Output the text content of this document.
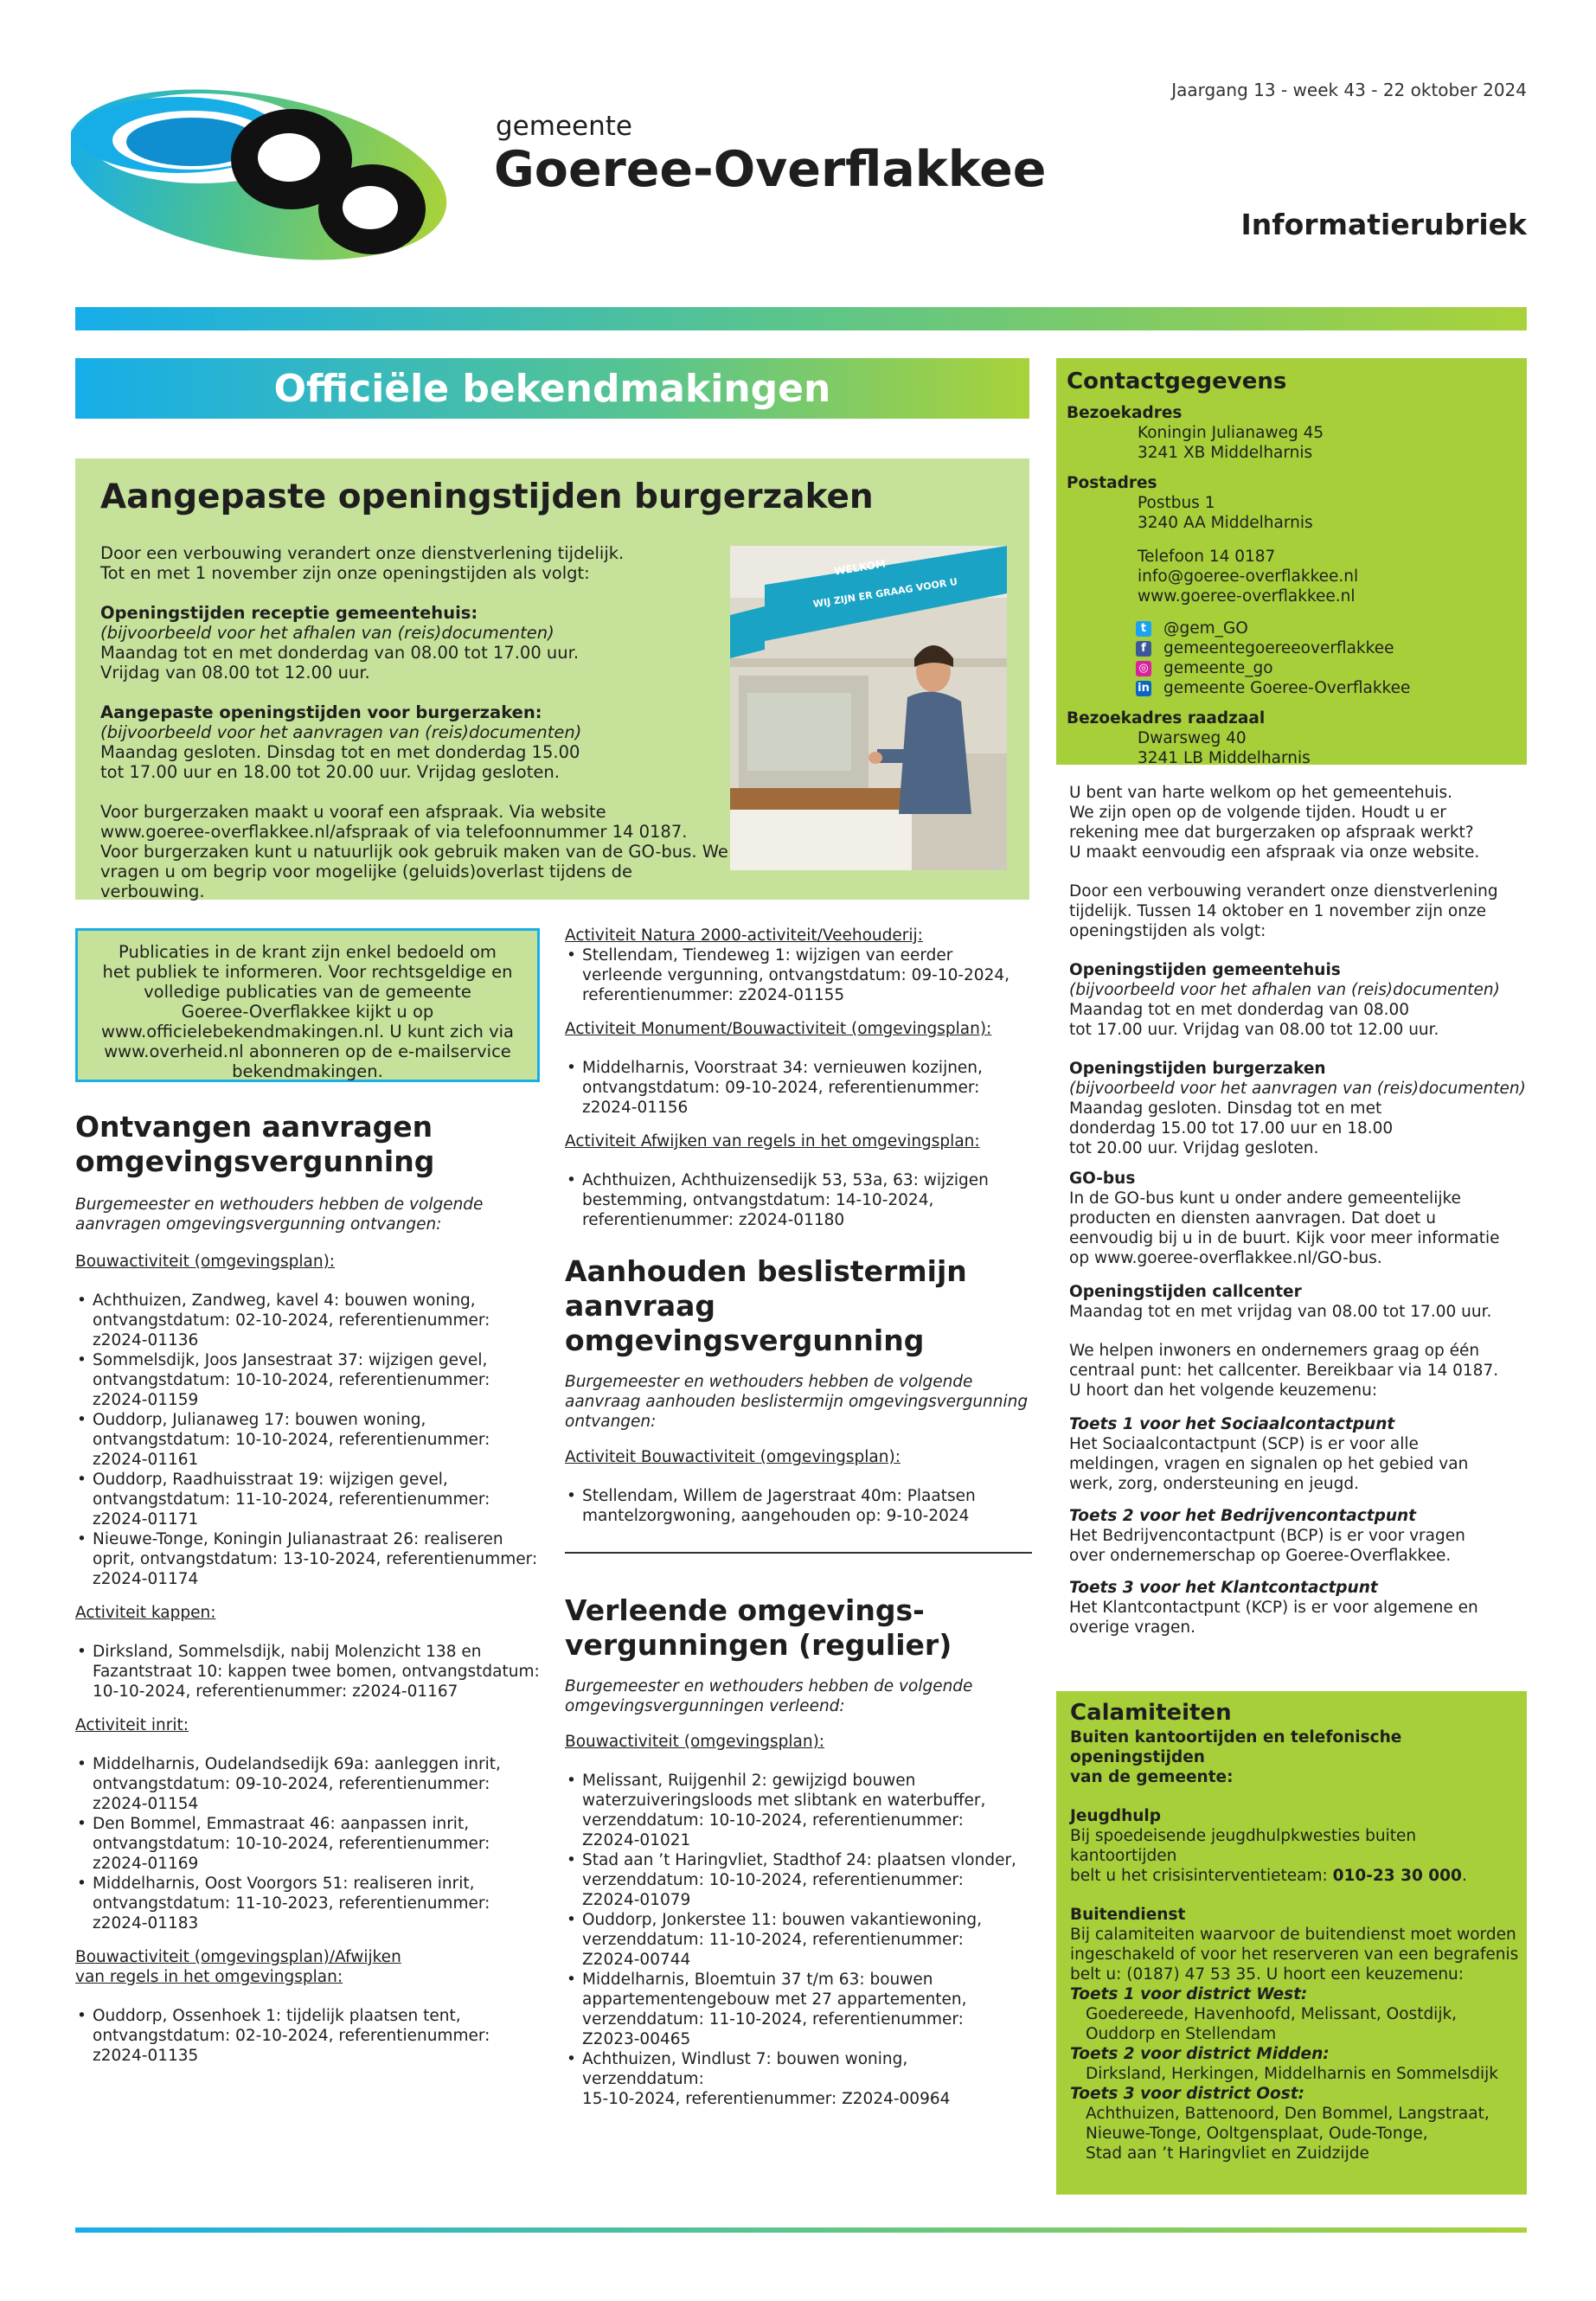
gemeente
Goeree-Overflakkee
Jaargang 13 - week 43 - 22 oktober 2024
Informatierubriek
Officiële bekendmakingen
Aangepaste openingstijden burgerzaken
Door een verbouwing verandert onze dienstverlening tijdelijk.
Tot en met 1 november zijn onze openingstijden als volgt:
Openingstijden receptie gemeentehuis:
(bijvoorbeeld voor het afhalen van (reis)documenten)
Maandag tot en met donderdag van 08.00 tot 17.00 uur.
Vrijdag van 08.00 tot 12.00 uur.
Aangepaste openingstijden voor burgerzaken:
(bijvoorbeeld voor het aanvragen van (reis)documenten)
Maandag gesloten. Dinsdag tot en met donderdag 15.00
tot 17.00 uur en 18.00 tot 20.00 uur. Vrijdag gesloten.
Voor burgerzaken maakt u vooraf een afspraak. Via website
www.goeree-overflakkee.nl/afspraak of via telefoonnummer 14 0187.
Voor burgerzaken kunt u natuurlijk ook gebruik maken van de GO-bus. We
vragen u om begrip voor mogelijke (geluids)overlast tijdens de verbouwing.
WELKOM
WIJ ZIJN ER GRAAG VOOR U
Publicaties in de krant zijn enkel bedoeld om
het publiek te informeren. Voor rechtsgeldige en
volledige publicaties van de gemeente
Goeree-Overflakkee kijkt u op
www.officielebekendmakingen.nl. U kunt zich via
www.overheid.nl abonneren op de e-mailservice
bekendmakingen.
Ontvangen aanvragen
omgevingsvergunning
Burgemeester en wethouders hebben de volgende
aanvragen omgevingsvergunning ontvangen:
Bouwactiviteit (omgevingsplan):
• Achthuizen, Zandweg, kavel 4: bouwen woning,
ontvangstdatum: 02-10-2024, referentienummer:
z2024-01136
• Sommelsdijk, Joos Jansestraat 37: wijzigen gevel,
ontvangstdatum: 10-10-2024, referentienummer:
z2024-01159
• Ouddorp, Julianaweg 17: bouwen woning,
ontvangstdatum: 10-10-2024, referentienummer:
z2024-01161
• Ouddorp, Raadhuisstraat 19: wijzigen gevel,
ontvangstdatum: 11-10-2024, referentienummer:
z2024-01171
• Nieuwe-Tonge, Koningin Julianastraat 26: realiseren
oprit, ontvangstdatum: 13-10-2024, referentienummer:
z2024-01174
Activiteit kappen:
• Dirksland, Sommelsdijk, nabij Molenzicht 138 en
Fazantstraat 10: kappen twee bomen, ontvangstdatum:
10-10-2024, referentienummer: z2024-01167
Activiteit inrit:
• Middelharnis, Oudelandsedijk 69a: aanleggen inrit,
ontvangstdatum: 09-10-2024, referentienummer:
z2024-01154
• Den Bommel, Emmastraat 46: aanpassen inrit,
ontvangstdatum: 10-10-2024, referentienummer:
z2024-01169
• Middelharnis, Oost Voorgors 51: realiseren inrit,
ontvangstdatum: 11-10-2023, referentienummer:
z2024-01183
Bouwactiviteit (omgevingsplan)/Afwijken
van regels in het omgevingsplan:
• Ouddorp, Ossenhoek 1: tijdelijk plaatsen tent,
ontvangstdatum: 02-10-2024, referentienummer:
z2024-01135
Activiteit Natura 2000-activiteit/Veehouderij:
• Stellendam, Tiendeweg 1: wijzigen van eerder
verleende vergunning, ontvangstdatum: 09-10-2024,
referentienummer: z2024-01155
Activiteit Monument/Bouwactiviteit (omgevingsplan):
• Middelharnis, Voorstraat 34: vernieuwen kozijnen,
ontvangstdatum: 09-10-2024, referentienummer:
z2024-01156
Activiteit Afwijken van regels in het omgevingsplan:
• Achthuizen, Achthuizensedijk 53, 53a, 63: wijzigen
bestemming, ontvangstdatum: 14-10-2024,
referentienummer: z2024-01180
Aanhouden beslistermijn aanvraag
omgevingsvergunning
Burgemeester en wethouders hebben de volgende
aanvraag aanhouden beslistermijn omgevingsvergunning
ontvangen:
Activiteit Bouwactiviteit (omgevingsplan):
• Stellendam, Willem de Jagerstraat 40m: Plaatsen
mantelzorgwoning, aangehouden op: 9-10-2024
Verleende omgevings-
vergunningen (regulier)
Burgemeester en wethouders hebben de volgende
omgevingsvergunningen verleend:
Bouwactiviteit (omgevingsplan):
• Melissant, Ruijgenhil 2: gewijzigd bouwen
waterzuiveringsloods met slibtank en waterbuffer,
verzenddatum: 10-10-2024, referentienummer:
Z2024-01021
• Stad aan ’t Haringvliet, Stadthof 24: plaatsen vlonder,
verzenddatum: 10-10-2024, referentienummer:
Z2024-01079
• Ouddorp, Jonkerstee 11: bouwen vakantiewoning,
verzenddatum: 11-10-2024, referentienummer:
Z2024-00744
• Middelharnis, Bloemtuin 37 t/m 63: bouwen
appartementengebouw met 27 appartementen,
verzenddatum: 11-10-2024, referentienummer:
Z2023-00465
• Achthuizen, Windlust 7: bouwen woning, verzenddatum:
15-10-2024, referentienummer: Z2024-00964
Contactgegevens
Bezoekadres
Koningin Julianaweg 45
3241 XB Middelharnis
Postadres
Postbus 1
3240 AA Middelharnis
Telefoon 14 0187
info@goeree-overflakkee.nl
www.goeree-overflakkee.nl
t @gem_GO
f gemeentegoereeoverflakkee
◎ gemeente_go
in gemeente Goeree-Overflakkee
Bezoekadres raadzaal
Dwarsweg 40
3241 LB Middelharnis
U bent van harte welkom op het gemeentehuis.
We zijn open op de volgende tijden. Houdt u er
rekening mee dat burgerzaken op afspraak werkt?
U maakt eenvoudig een afspraak via onze website.
Door een verbouwing verandert onze dienstverlening
tijdelijk. Tussen 14 oktober en 1 november zijn onze
openingstijden als volgt:
Openingstijden gemeentehuis
(bijvoorbeeld voor het afhalen van (reis)documenten)
Maandag tot en met donderdag van 08.00
tot 17.00 uur. Vrijdag van 08.00 tot 12.00 uur.
Openingstijden burgerzaken
(bijvoorbeeld voor het aanvragen van (reis)documenten)
Maandag gesloten. Dinsdag tot en met
donderdag 15.00 tot 17.00 uur en 18.00
tot 20.00 uur. Vrijdag gesloten.
GO-bus
In de GO-bus kunt u onder andere gemeentelijke
producten en diensten aanvragen. Dat doet u
eenvoudig bij u in de buurt. Kijk voor meer informatie
op www.goeree-overflakkee.nl/GO-bus.
Openingstijden callcenter
Maandag tot en met vrijdag van 08.00 tot 17.00 uur.
We helpen inwoners en ondernemers graag op één
centraal punt: het callcenter. Bereikbaar via 14 0187.
U hoort dan het volgende keuzemenu:
Toets 1 voor het Sociaalcontactpunt
Het Sociaalcontactpunt (SCP) is er voor alle
meldingen, vragen en signalen op het gebied van
werk, zorg, ondersteuning en jeugd.
Toets 2 voor het Bedrijvencontactpunt
Het Bedrijvencontactpunt (BCP) is er voor vragen
over ondernemerschap op Goeree-Overflakkee.
Toets 3 voor het Klantcontactpunt
Het Klantcontactpunt (KCP) is er voor algemene en
overige vragen.
Calamiteiten
Buiten kantoortijden en telefonische openingstijden
van de gemeente:
Jeugdhulp
Bij spoedeisende jeugdhulpkwesties buiten kantoortijden
belt u het crisisinterventieteam: 010-23 30 000.
Buitendienst
Bij calamiteiten waarvoor de buitendienst moet worden
ingeschakeld of voor het reserveren van een begrafenis
belt u: (0187) 47 53 35. U hoort een keuzemenu:
Toets 1 voor district West:
Goedereede, Havenhoofd, Melissant, Oostdijk,
Ouddorp en Stellendam
Toets 2 voor district Midden:
Dirksland, Herkingen, Middelharnis en Sommelsdijk
Toets 3 voor district Oost:
Achthuizen, Battenoord, Den Bommel, Langstraat,
Nieuwe-Tonge, Ooltgensplaat, Oude-Tonge,
Stad aan ’t Haringvliet en Zuidzijde
